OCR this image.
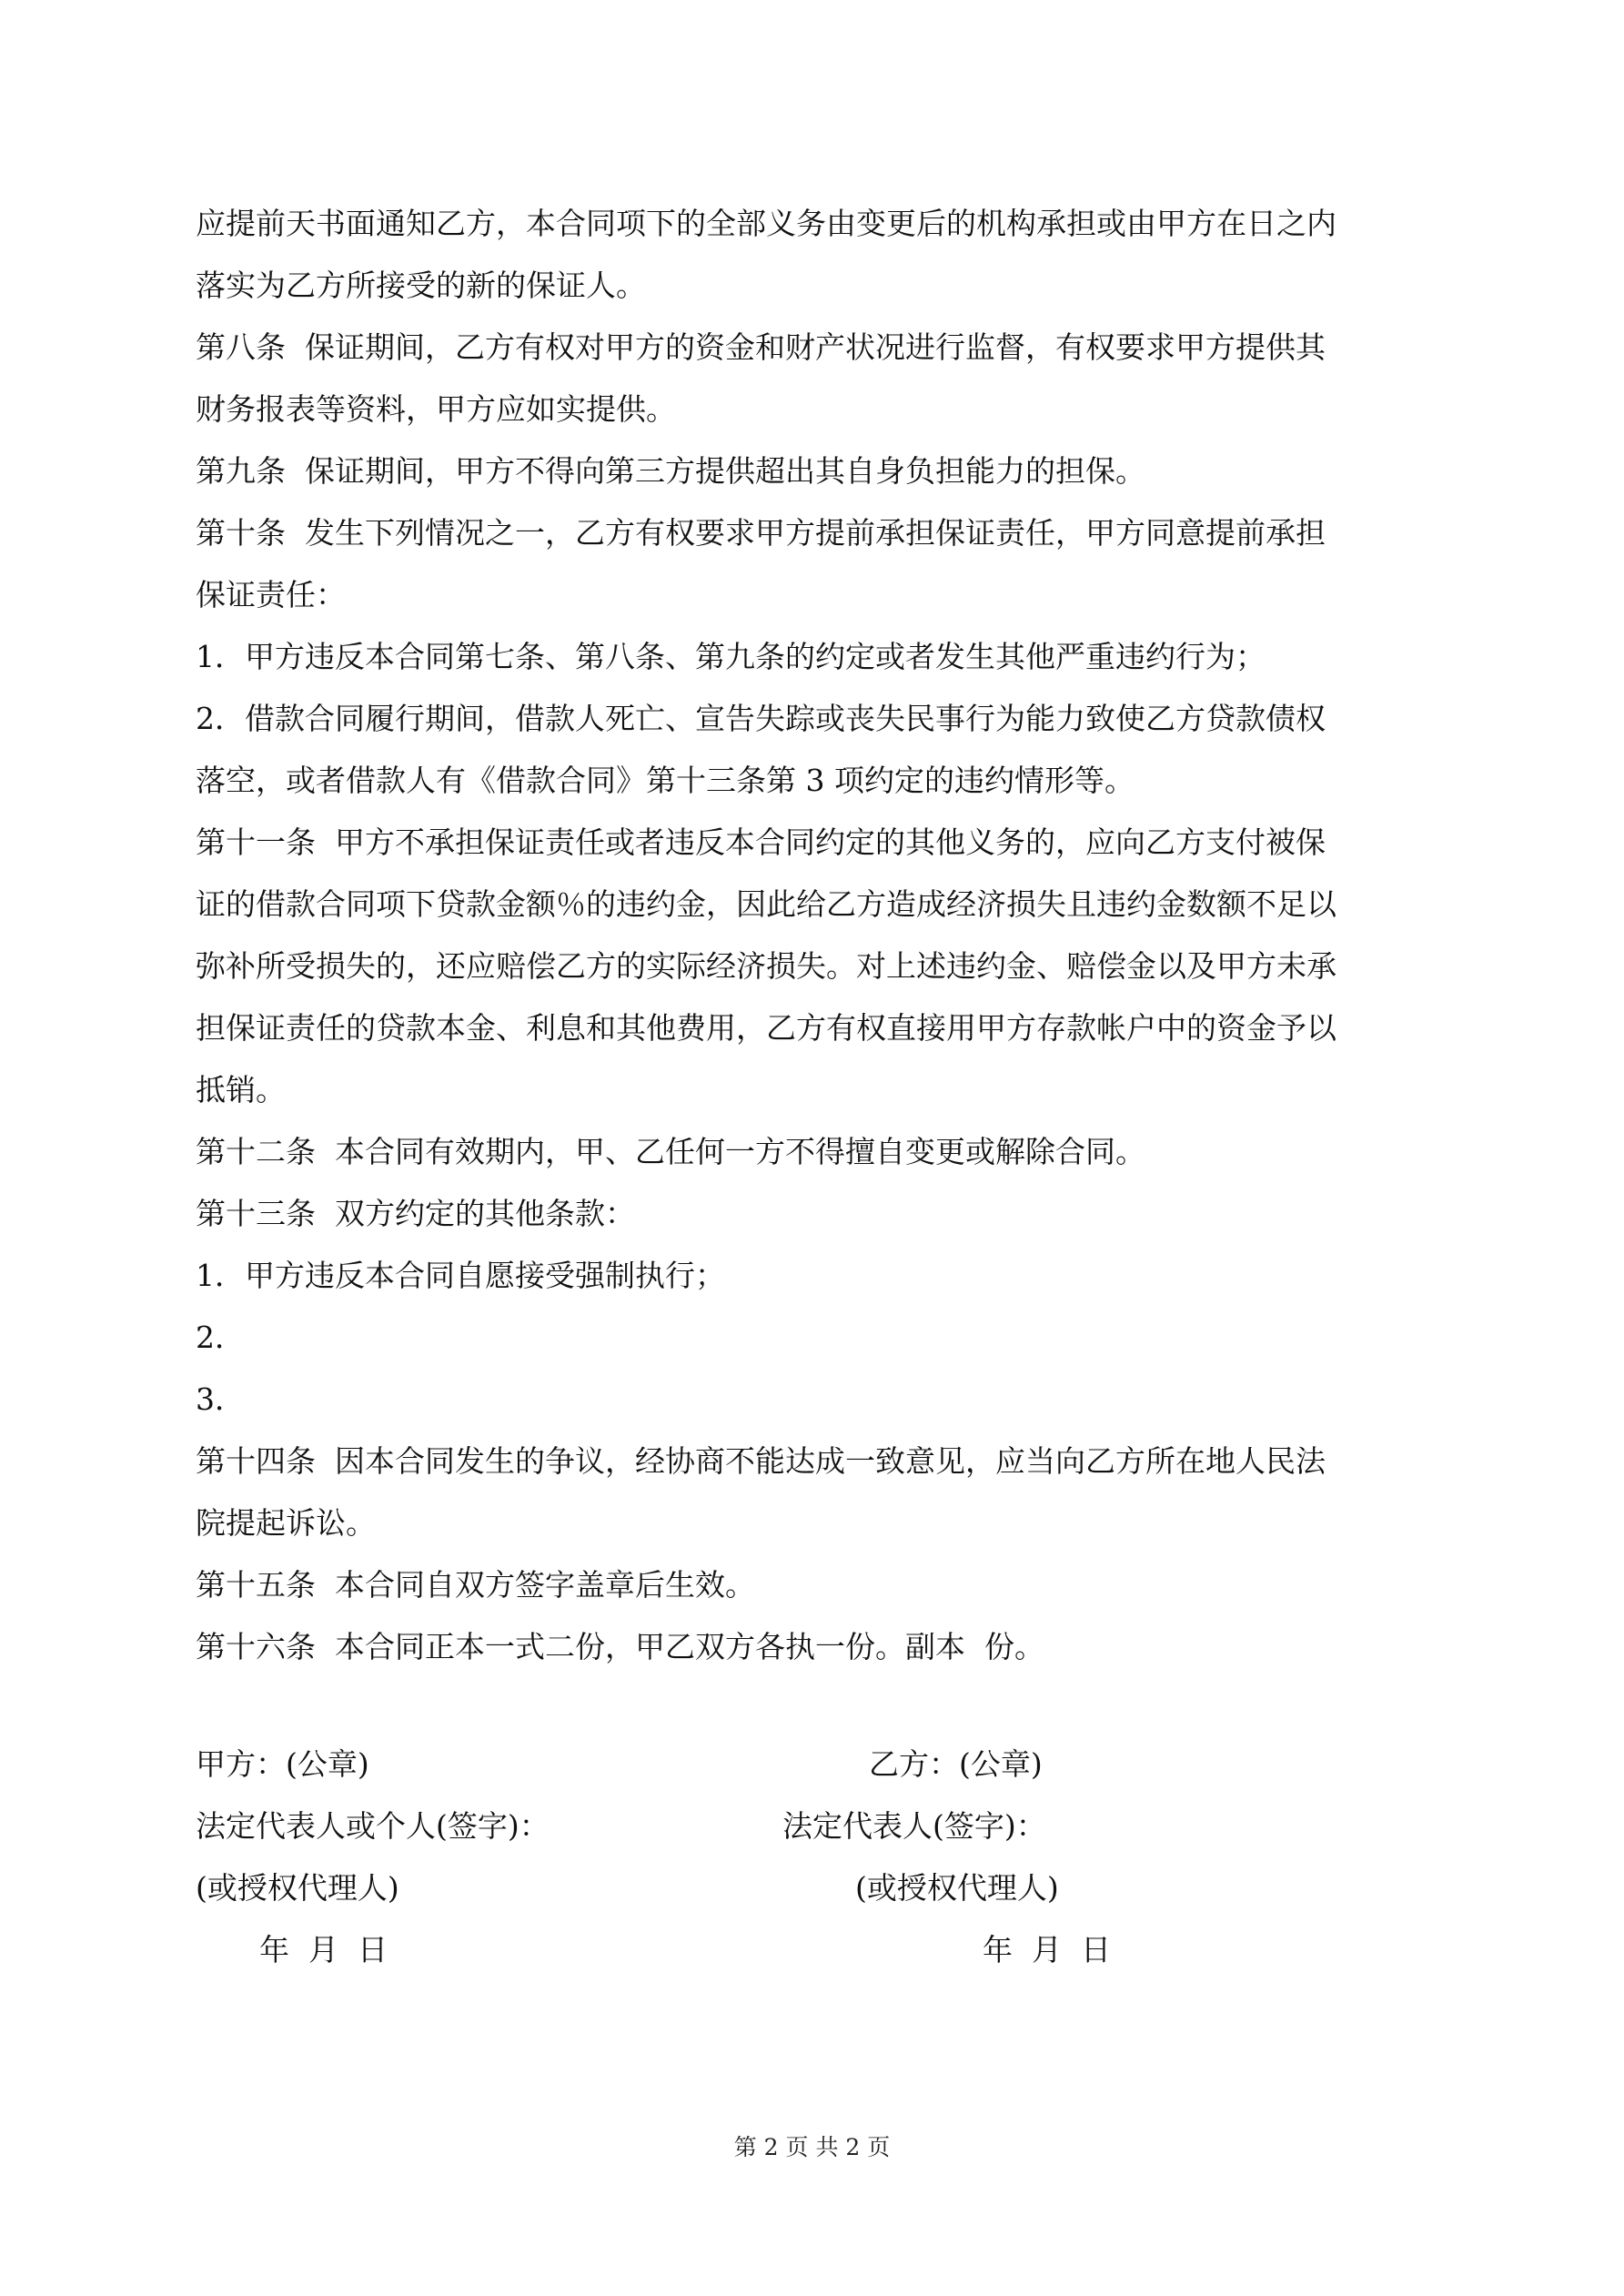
应提前天书面通知乙方，本合同项下的全部义务由变更后的机构承担或由甲方在日之内

落实为乙方所接受的新的保证人。

第八条  保证期间，乙方有权对甲方的资金和财产状况进行监督，有权要求甲方提供其

财务报表等资料，甲方应如实提供。

第九条  保证期间，甲方不得向第三方提供超出其自身负担能力的担保。

第十条  发生下列情况之一，乙方有权要求甲方提前承担保证责任，甲方同意提前承担

保证责任：

1．甲方违反本合同第七条、第八条、第九条的约定或者发生其他严重违约行为；

2．借款合同履行期间，借款人死亡、宣告失踪或丧失民事行为能力致使乙方贷款债权

落空，或者借款人有《借款合同》第十三条第 3 项约定的违约情形等。

第十一条  甲方不承担保证责任或者违反本合同约定的其他义务的，应向乙方支付被保

证的借款合同项下贷款金额％的违约金，因此给乙方造成经济损失且违约金数额不足以

弥补所受损失的，还应赔偿乙方的实际经济损失。对上述违约金、赔偿金以及甲方未承

担保证责任的贷款本金、利息和其他费用，乙方有权直接用甲方存款帐户中的资金予以

抵销。

第十二条  本合同有效期内，甲、乙任何一方不得擅自变更或解除合同。

第十三条  双方约定的其他条款：

1．甲方违反本合同自愿接受强制执行；

2．

3．

第十四条  因本合同发生的争议，经协商不能达成一致意见，应当向乙方所在地人民法

院提起诉讼。

第十五条  本合同自双方签字盖章后生效。

第十六条  本合同正本一式二份，甲乙双方各执一份。副本  份。

甲方：(公章)	乙方：(公章)
法定代表人或个人(签字)：	法定代表人(签字)：
(或授权代理人)	(或授权代理人)
年  月  日	年  月  日
第 2 页 共 2 页
